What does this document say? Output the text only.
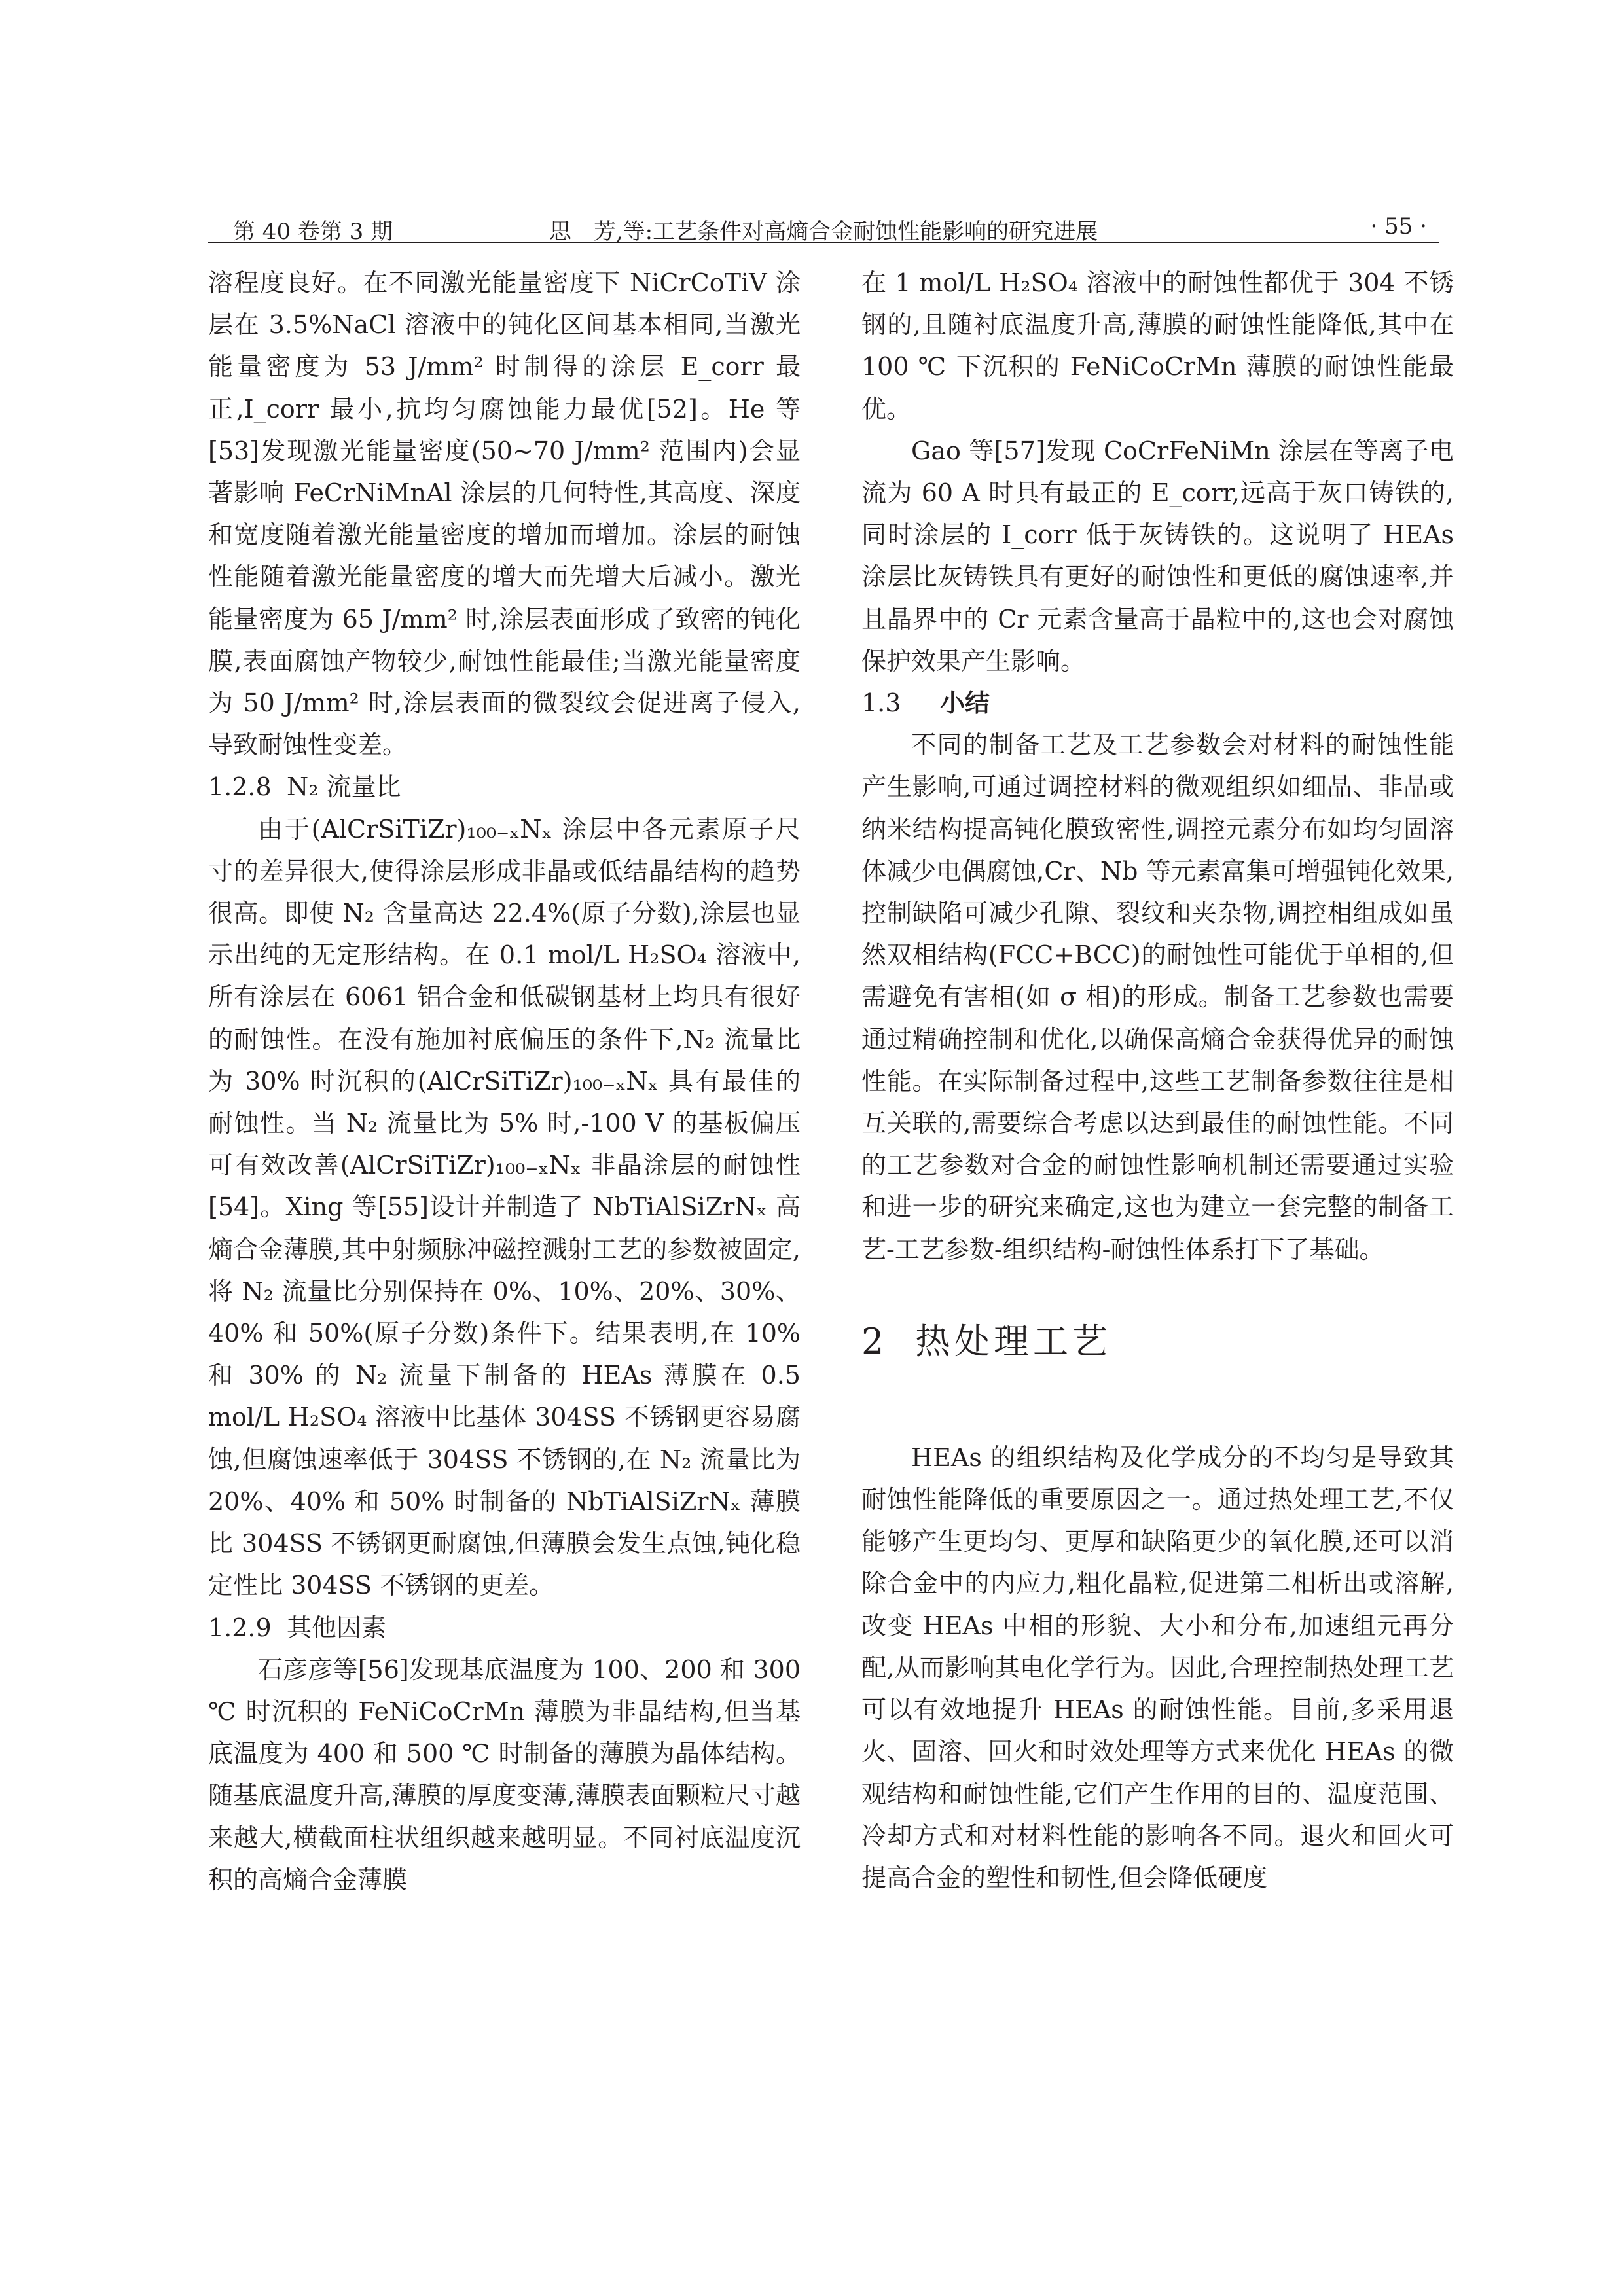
第 40 卷第 3 期	思　芳,等:工艺条件对高熵合金耐蚀性能影响的研究进展	· 55 ·

溶程度良好。在不同激光能量密度下 NiCrCoTiV 涂层在 3.5%NaCl 溶液中的钝化区间基本相同,当激光能量密度为 53 J/mm² 时制得的涂层 E_corr 最正,I_corr 最小,抗均匀腐蚀能力最优[52]。He 等[53]发现激光能量密度(50~70 J/mm² 范围内)会显著影响 FeCrNiMnAl 涂层的几何特性,其高度、深度和宽度随着激光能量密度的增加而增加。涂层的耐蚀性能随着激光能量密度的增大而先增大后减小。激光能量密度为 65 J/mm² 时,涂层表面形成了致密的钝化膜,表面腐蚀产物较少,耐蚀性能最佳;当激光能量密度为 50 J/mm² 时,涂层表面的微裂纹会促进离子侵入,导致耐蚀性变差。

1.2.8 N₂ 流量比

由于(AlCrSiTiZr)₁₀₀₋ₓNₓ 涂层中各元素原子尺寸的差异很大,使得涂层形成非晶或低结晶结构的趋势很高。即使 N₂ 含量高达 22.4%(原子分数),涂层也显示出纯的无定形结构。在 0.1 mol/L H₂SO₄ 溶液中,所有涂层在 6061 铝合金和低碳钢基材上均具有很好的耐蚀性。在没有施加衬底偏压的条件下,N₂ 流量比为 30% 时沉积的(AlCrSiTiZr)₁₀₀₋ₓNₓ 具有最佳的耐蚀性。当 N₂ 流量比为 5% 时,-100 V 的基板偏压可有效改善(AlCrSiTiZr)₁₀₀₋ₓNₓ 非晶涂层的耐蚀性[54]。Xing 等[55]设计并制造了 NbTiAlSiZrNₓ 高熵合金薄膜,其中射频脉冲磁控溅射工艺的参数被固定,将 N₂ 流量比分别保持在 0%、10%、20%、30%、40% 和 50%(原子分数)条件下。结果表明,在 10% 和 30% 的 N₂ 流量下制备的 HEAs 薄膜在 0.5 mol/L H₂SO₄ 溶液中比基体 304SS 不锈钢更容易腐蚀,但腐蚀速率低于 304SS 不锈钢的,在 N₂ 流量比为 20%、40% 和 50% 时制备的 NbTiAlSiZrNₓ 薄膜比 304SS 不锈钢更耐腐蚀,但薄膜会发生点蚀,钝化稳定性比 304SS 不锈钢的更差。

1.2.9 其他因素

石彦彦等[56]发现基底温度为 100、200 和 300 ℃ 时沉积的 FeNiCoCrMn 薄膜为非晶结构,但当基底温度为 400 和 500 ℃ 时制备的薄膜为晶体结构。随基底温度升高,薄膜的厚度变薄,薄膜表面颗粒尺寸越来越大,横截面柱状组织越来越明显。不同衬底温度沉积的高熵合金薄膜

在 1 mol/L H₂SO₄ 溶液中的耐蚀性都优于 304 不锈钢的,且随衬底温度升高,薄膜的耐蚀性能降低,其中在 100 ℃ 下沉积的 FeNiCoCrMn 薄膜的耐蚀性能最优。

Gao 等[57]发现 CoCrFeNiMn 涂层在等离子电流为 60 A 时具有最正的 E_corr,远高于灰口铸铁的,同时涂层的 I_corr 低于灰铸铁的。这说明了 HEAs 涂层比灰铸铁具有更好的耐蚀性和更低的腐蚀速率,并且晶界中的 Cr 元素含量高于晶粒中的,这也会对腐蚀保护效果产生影响。

1.3 小结

不同的制备工艺及工艺参数会对材料的耐蚀性能产生影响,可通过调控材料的微观组织如细晶、非晶或纳米结构提高钝化膜致密性,调控元素分布如均匀固溶体减少电偶腐蚀,Cr、Nb 等元素富集可增强钝化效果,控制缺陷可减少孔隙、裂纹和夹杂物,调控相组成如虽然双相结构(FCC+BCC)的耐蚀性可能优于单相的,但需避免有害相(如 σ 相)的形成。制备工艺参数也需要通过精确控制和优化,以确保高熵合金获得优异的耐蚀性能。在实际制备过程中,这些工艺制备参数往往是相互关联的,需要综合考虑以达到最佳的耐蚀性能。不同的工艺参数对合金的耐蚀性影响机制还需要通过实验和进一步的研究来确定,这也为建立一套完整的制备工艺-工艺参数-组织结构-耐蚀性体系打下了基础。

2 热处理工艺

HEAs 的组织结构及化学成分的不均匀是导致其耐蚀性能降低的重要原因之一。通过热处理工艺,不仅能够产生更均匀、更厚和缺陷更少的氧化膜,还可以消除合金中的内应力,粗化晶粒,促进第二相析出或溶解,改变 HEAs 中相的形貌、大小和分布,加速组元再分配,从而影响其电化学行为。因此,合理控制热处理工艺可以有效地提升 HEAs 的耐蚀性能。目前,多采用退火、固溶、回火和时效处理等方式来优化 HEAs 的微观结构和耐蚀性能,它们产生作用的目的、温度范围、冷却方式和对材料性能的影响各不同。退火和回火可提高合金的塑性和韧性,但会降低硬度
